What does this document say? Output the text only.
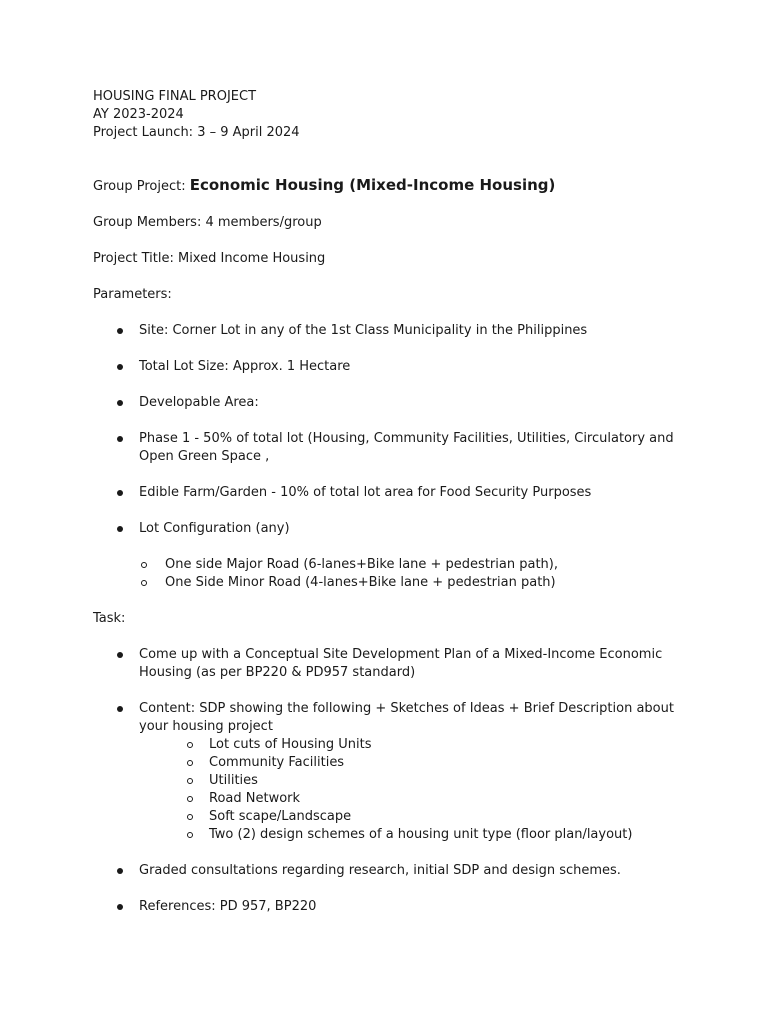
HOUSING FINAL PROJECT

AY 2023-2024

Project Launch: 3 – 9 April 2024

Group Project: Economic Housing (Mixed-Income Housing)

Group Members: 4 members/group

Project Title: Mixed Income Housing

Parameters:

Site: Corner Lot in any of the 1st Class Municipality in the Philippines
Total Lot Size: Approx. 1 Hectare
Developable Area:
Phase 1 - 50% of total lot (Housing, Community Facilities, Utilities, Circulatory and
Open Green Space ,
Edible Farm/Garden - 10% of total lot area for Food Security Purposes
Lot Configuration (any)
One side Major Road (6-lanes+Bike lane + pedestrian path),
One Side Minor Road (4-lanes+Bike lane + pedestrian path)

Task:

Come up with a Conceptual Site Development Plan of a Mixed-Income Economic
Housing (as per BP220 & PD957 standard)
Content: SDP showing the following + Sketches of Ideas + Brief Description about
your housing project
Lot cuts of Housing Units
Community Facilities
Utilities
Road Network
Soft scape/Landscape
Two (2) design schemes of a housing unit type (floor plan/layout)
Graded consultations regarding research, initial SDP and design schemes.
References: PD 957, BP220
